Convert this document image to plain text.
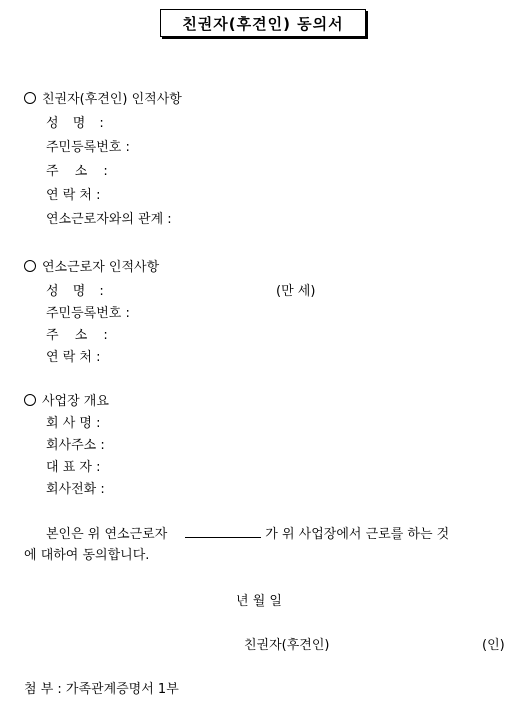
친권자(후견인) 동의서
친권자(후견인) 인적사항
성 명 :
주민등록번호 :
주 소 :
연 락 처 :
연소근로자와의 관계 :
연소근로자 인적사항
성 명 :	(만 세)
주민등록번호 :
주 소 :
연 락 처 :
사업장 개요
회 사 명 :
회사주소 :
대 표 자 :
회사전화 :
본인은 위 연소근로자	가 위 사업장에서 근로를 하는 것
에 대하여 동의합니다.
년 월 일
친권자(후견인)	(인)
첨 부 : 가족관계증명서 1부
